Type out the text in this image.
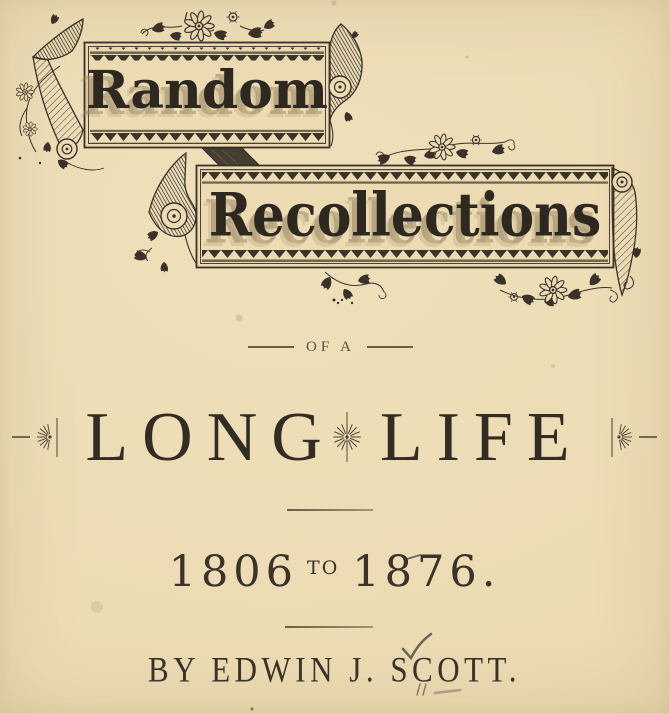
Random
Recollections
OF A
LONG LIFE
1806 TO 1876.
BY EDWIN J. SCOTT.
